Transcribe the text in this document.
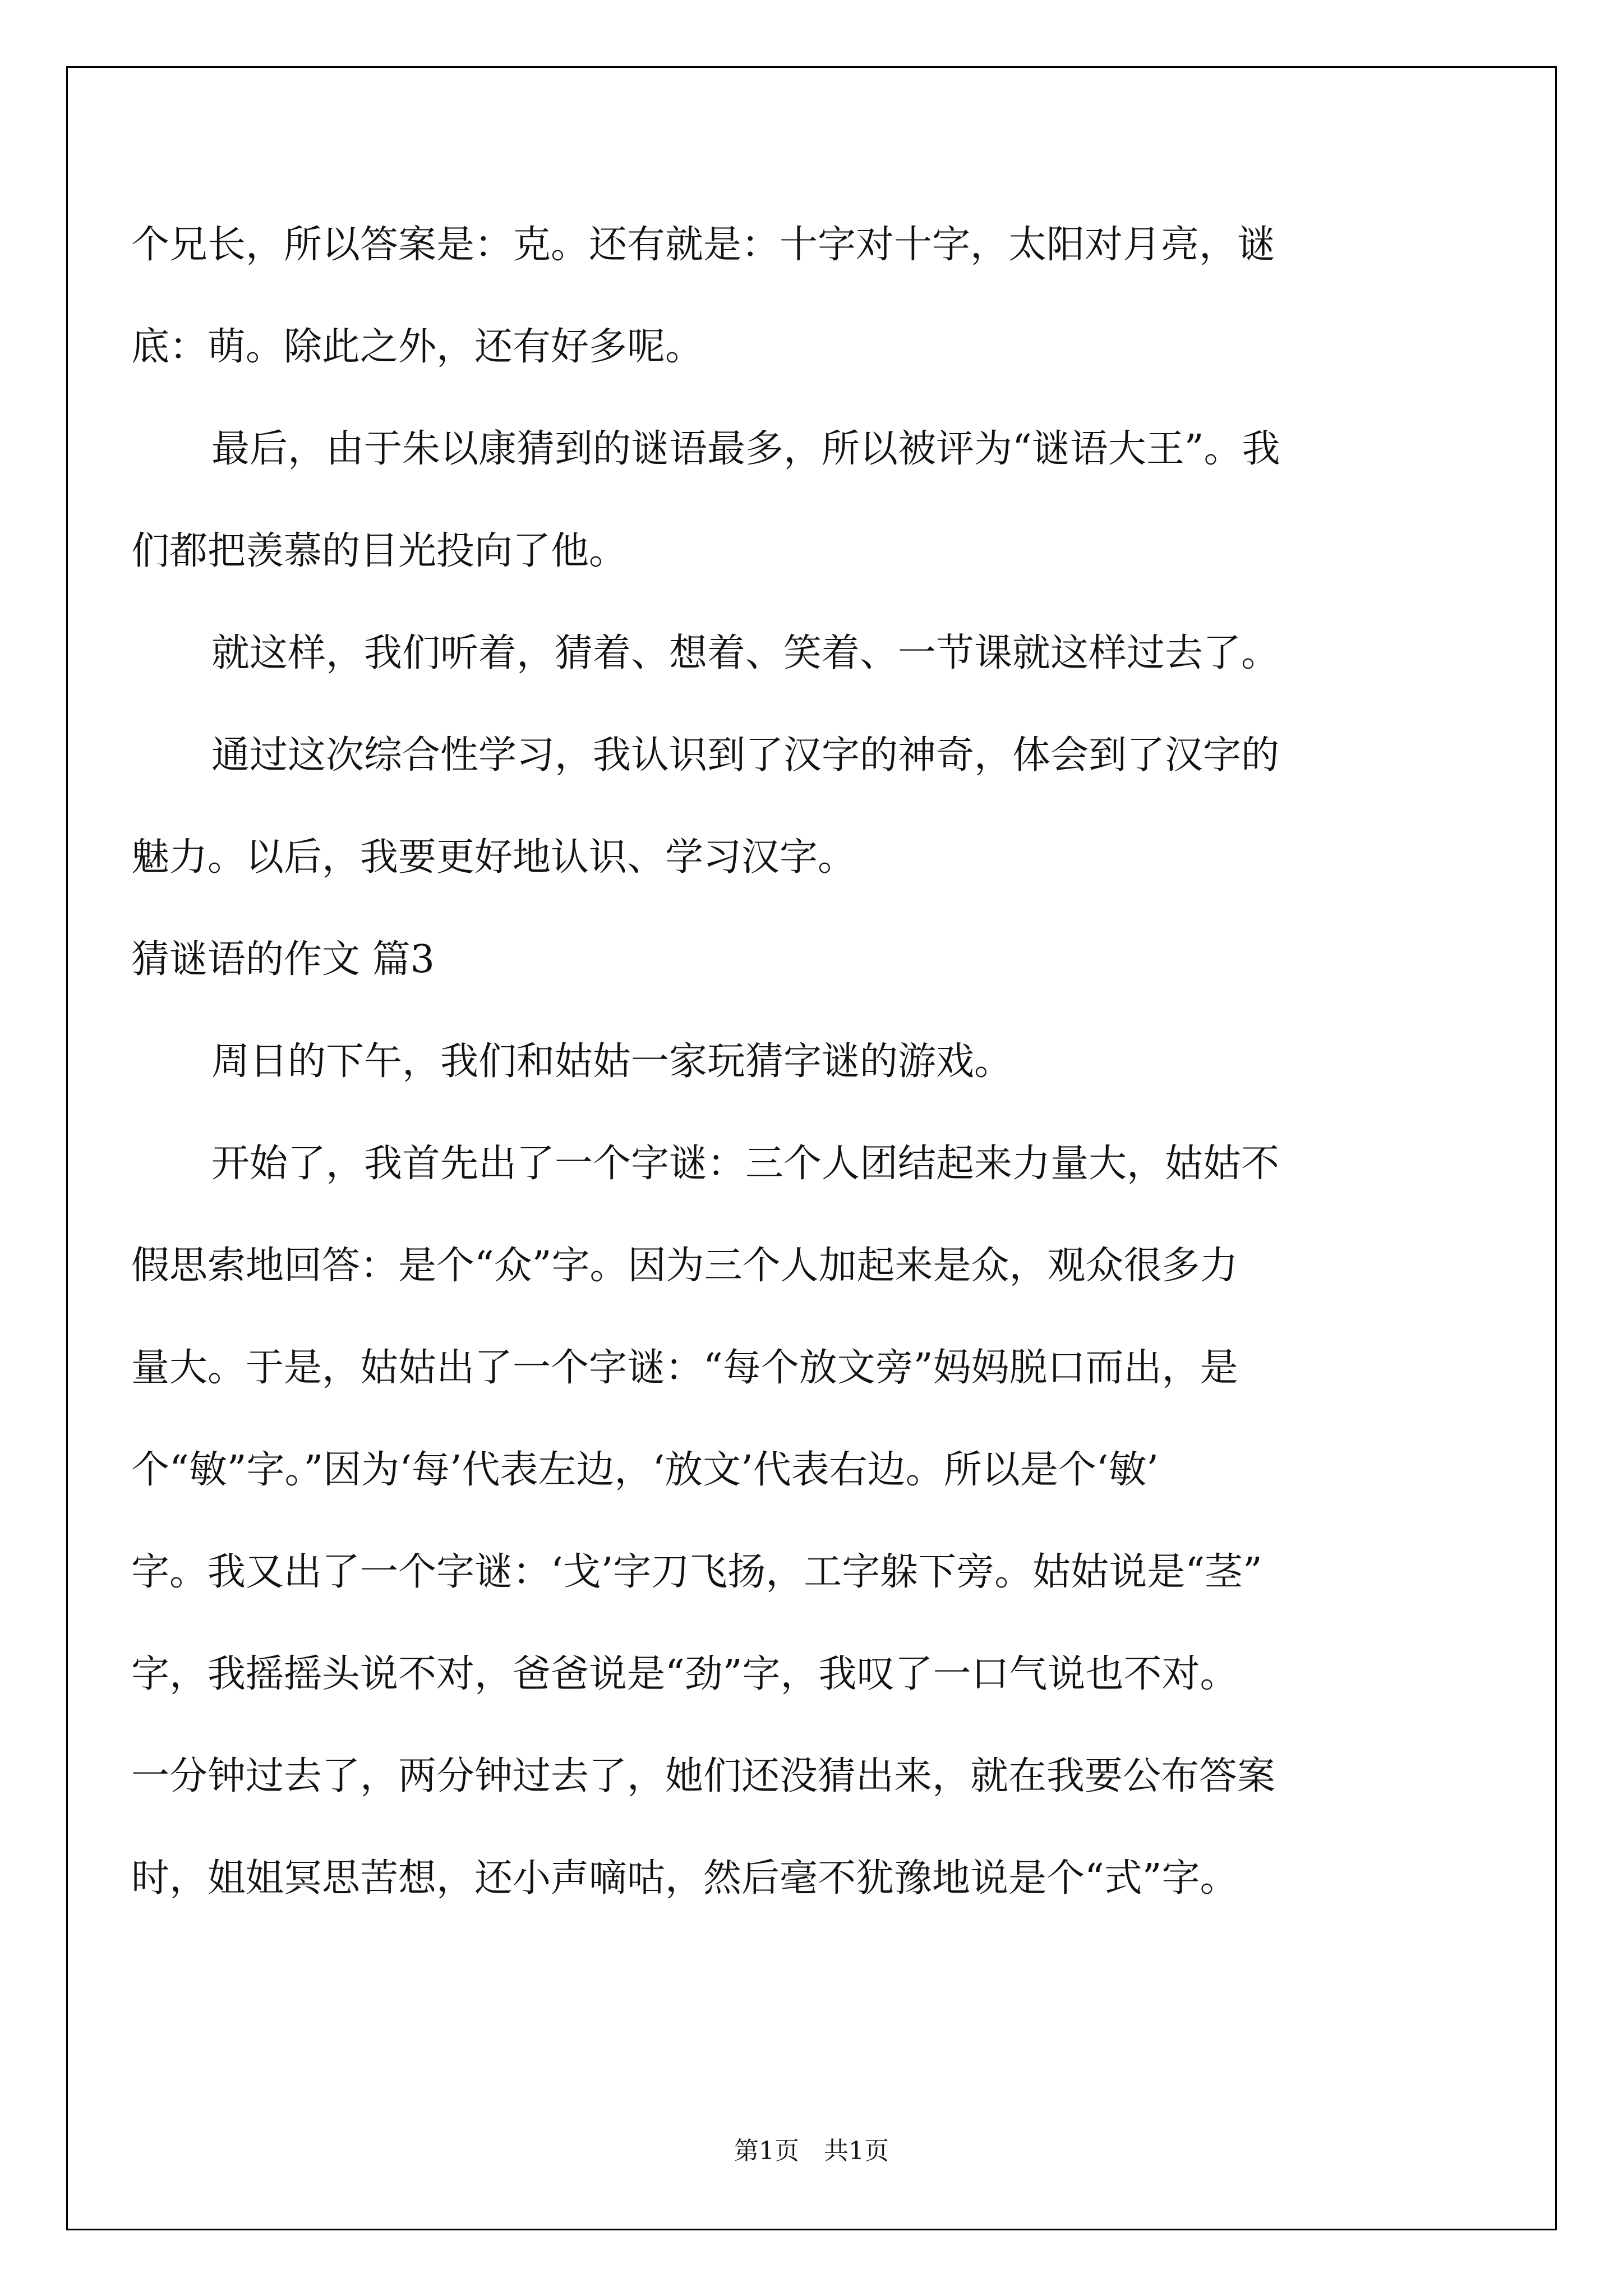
个兄长，所以答案是：克。还有就是：十字对十字，太阳对月亮，谜
底：萌。除此之外，还有好多呢。
最后，由于朱以康猜到的谜语最多，所以被评为“谜语大王”。我
们都把羡慕的目光投向了他。
就这样，我们听着，猜着、想着、笑着、一节课就这样过去了。
通过这次综合性学习，我认识到了汉字的神奇，体会到了汉字的
魅力。以后，我要更好地认识、学习汉字。
猜谜语的作文 篇3
周日的下午，我们和姑姑一家玩猜字谜的游戏。
开始了，我首先出了一个字谜：三个人团结起来力量大，姑姑不
假思索地回答：是个“众”字。因为三个人加起来是众，观众很多力
量大。于是，姑姑出了一个字谜：“每个放文旁”妈妈脱口而出，是
个“敏”字。”因为‘每’代表左边，‘放文’代表右边。所以是个‘敏’
字。我又出了一个字谜：‘戈’字刀飞扬，工字躲下旁。姑姑说是“茎”
字，我摇摇头说不对，爸爸说是“劲”字，我叹了一口气说也不对。
一分钟过去了，两分钟过去了，她们还没猜出来，就在我要公布答案
时，姐姐冥思苦想，还小声嘀咕，然后毫不犹豫地说是个“式”字。
第1页　共1页
